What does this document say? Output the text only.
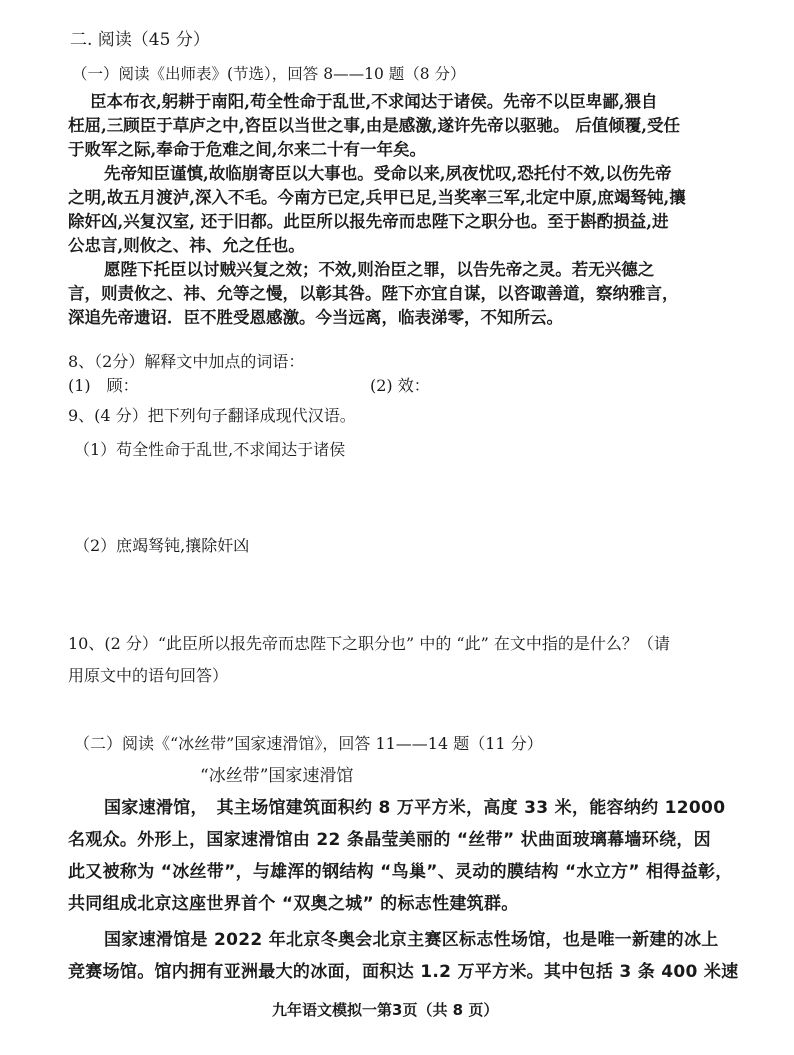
二. 阅读（45 分）
（一）阅读《出师表》(节选），回答 8——10 题（8 分）
臣本布衣,躬耕于南阳,苟全性命于乱世,不求闻达于诸侯。先帝不以臣卑鄙,猥自
枉屈,三顾臣于草庐之中,咨臣以当世之事,由是感激,遂许先帝以驱驰。 后值倾覆,受任
于败军之际,奉命于危难之间,尔来二十有一年矣。
先帝知臣谨慎,故临崩寄臣以大事也。受命以来,夙夜忧叹,恐托付不效,以伤先帝
之明,故五月渡泸,深入不毛。今南方已定,兵甲已足,当奖率三军,北定中原,庶竭驽钝,攘
除奸凶,兴复汉室, 还于旧都。此臣所以报先帝而忠陛下之职分也。至于斟酌损益,进
公忠言,则攸之、祎、允之任也。
愿陛下托臣以讨贼兴复之效；不效,则治臣之罪，以告先帝之灵。若无兴德之
言，则责攸之、祎、允等之慢，以彰其咎。陛下亦宜自谋，以咨诹善道，察纳雅言，
深追先帝遗诏．臣不胜受恩感激。今当远离，临表涕零，不知所云。
8、（2分）解释文中加点的词语：
(1)　顾：	(2) 效：
9、(4 分）把下列句子翻译成现代汉语。
（1）苟全性命于乱世,不求闻达于诸侯
（2）庶竭驽钝,攘除奸凶
10、(2 分）“此臣所以报先帝而忠陛下之职分也” 中的 “此” 在文中指的是什么？（请
用原文中的语句回答）
（二）阅读《“冰丝带”国家速滑馆》，回答 11——14 题（11 分）
“冰丝带”国家速滑馆
国家速滑馆，　其主场馆建筑面积约 8 万平方米，高度 33 米，能容纳约 12000
名观众。外形上，国家速滑馆由 22 条晶莹美丽的 “丝带” 状曲面玻璃幕墙环绕，因
此又被称为 “冰丝带”，与雄浑的钢结构 “鸟巢”、灵动的膜结构 “水立方” 相得益彰，
共同组成北京这座世界首个 “双奥之城” 的标志性建筑群。
国家速滑馆是 2022 年北京冬奥会北京主赛区标志性场馆，也是唯一新建的冰上
竞赛场馆。馆内拥有亚洲最大的冰面，面积达 1.2 万平方米。其中包括 3 条 400 米速
九年语文模拟一第3页（共 8 页）
